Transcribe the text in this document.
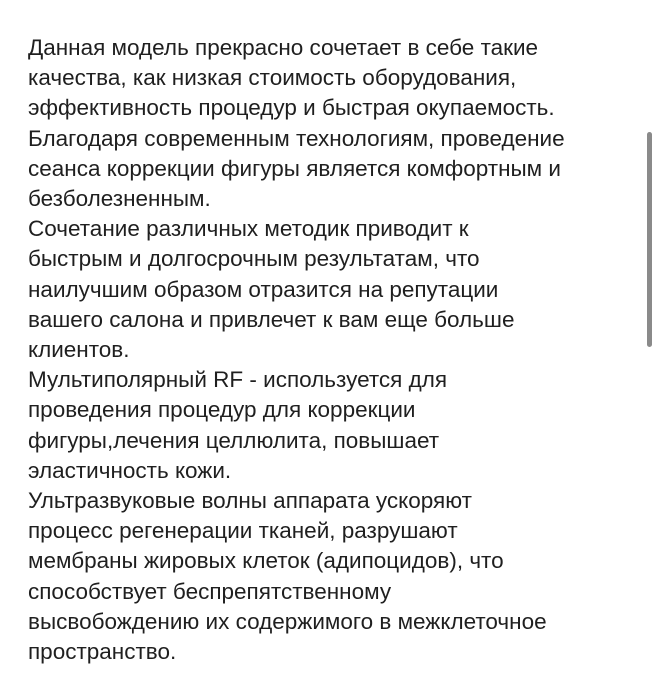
Данная модель прекрасно сочетает в себе такие
качества, как низкая стоимость оборудования,
эффективность процедур и быстрая окупаемость.
Благодаря современным технологиям, проведение
сеанса коррекции фигуры является комфортным и
безболезненным.
Сочетание различных методик приводит к
быстрым и долгосрочным результатам, что
наилучшим образом отразится на репутации
вашего салона и привлечет к вам еще больше
клиентов.
Мультиполярный RF - используется для
проведения процедур для коррекции
фигуры,лечения целлюлита, повышает
эластичность кожи.
Ультразвуковые волны аппарата ускоряют
процесс регенерации тканей, разрушают
мембраны жировых клеток (адипоцидов), что
способствует беспрепятственному
высвобождению их содержимого в межклеточное
пространство.
